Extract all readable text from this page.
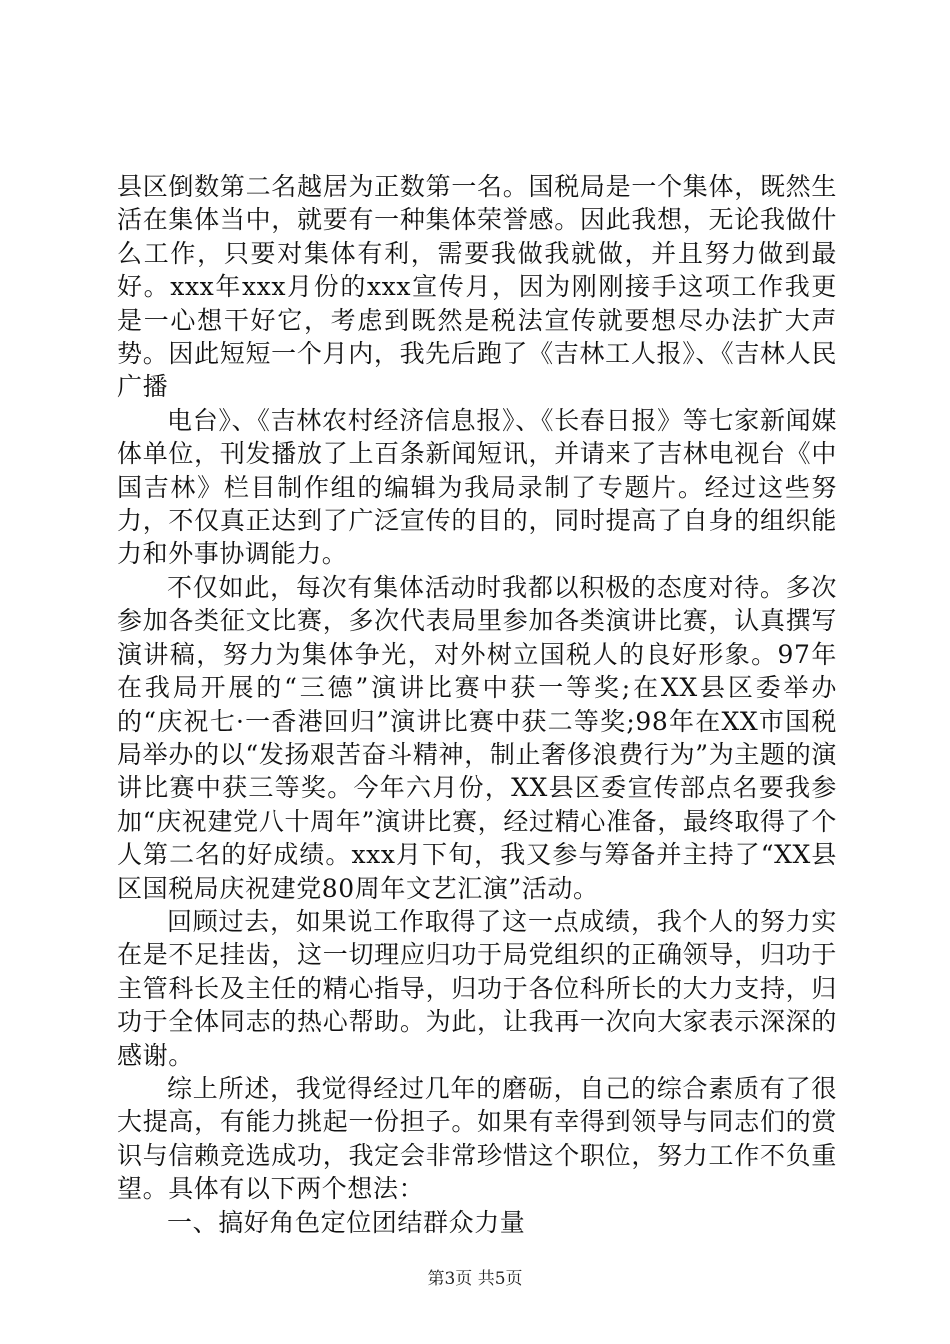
县区倒数第二名越居为正数第一名。国税局是一个集体，既然生活在集体当中，就要有一种集体荣誉感。因此我想，无论我做什么工作，只要对集体有利，需要我做我就做，并且努力做到最好。xxx年xxx月份的xxx宣传月，因为刚刚接手这项工作我更是一心想干好它，考虑到既然是税法宣传就要想尽办法扩大声势。因此短短一个月内，我先后跑了《吉林工人报》、《吉林人民广播

电台》、《吉林农村经济信息报》、《长春日报》等七家新闻媒体单位，刊发播放了上百条新闻短讯，并请来了吉林电视台《中国吉林》栏目制作组的编辑为我局录制了专题片。经过这些努力，不仅真正达到了广泛宣传的目的，同时提高了自身的组织能力和外事协调能力。

不仅如此，每次有集体活动时我都以积极的态度对待。多次参加各类征文比赛，多次代表局里参加各类演讲比赛，认真撰写演讲稿，努力为集体争光，对外树立国税人的良好形象。97年在我局开展的“三德”演讲比赛中获一等奖;在XX县区委举办的“庆祝七·一香港回归”演讲比赛中获二等奖;98年在XX市国税局举办的以“发扬艰苦奋斗精神，制止奢侈浪费行为”为主题的演讲比赛中获三等奖。今年六月份，XX县区委宣传部点名要我参加“庆祝建党八十周年”演讲比赛，经过精心准备，最终取得了个人第二名的好成绩。xxx月下旬，我又参与筹备并主持了“XX县区国税局庆祝建党80周年文艺汇演”活动。

回顾过去，如果说工作取得了这一点成绩，我个人的努力实在是不足挂齿，这一切理应归功于局党组织的正确领导，归功于主管科长及主任的精心指导，归功于各位科所长的大力支持，归功于全体同志的热心帮助。为此，让我再一次向大家表示深深的感谢。

综上所述，我觉得经过几年的磨砺，自己的综合素质有了很大提高，有能力挑起一份担子。如果有幸得到领导与同志们的赏识与信赖竞选成功，我定会非常珍惜这个职位，努力工作不负重望。具体有以下两个想法：

一、搞好角色定位团结群众力量

第3页 共5页
